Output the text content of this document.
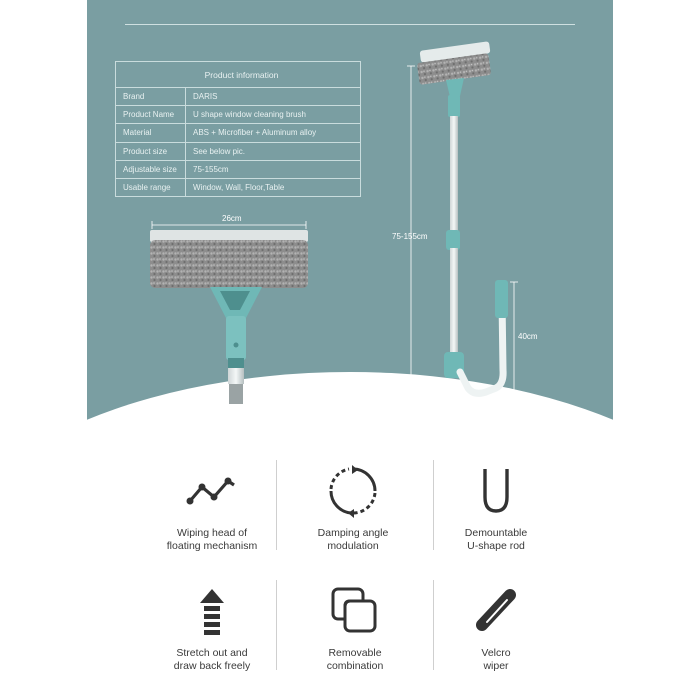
Product information	
Brand	DARIS
Product Name	U shape window cleaning brush
Material	ABS + Microfiber + Aluminum alloy
Product size	See below pic.
Adjustable size	75-155cm
Usable range	Window, Wall, Floor,Table
26cm
75-155cm
40cm
30cm
Wiping head of
floating mechanism
Damping angle
modulation
Demountable
U-shape rod
Stretch out and
draw back freely
Removable
combination
Velcro
wiper
